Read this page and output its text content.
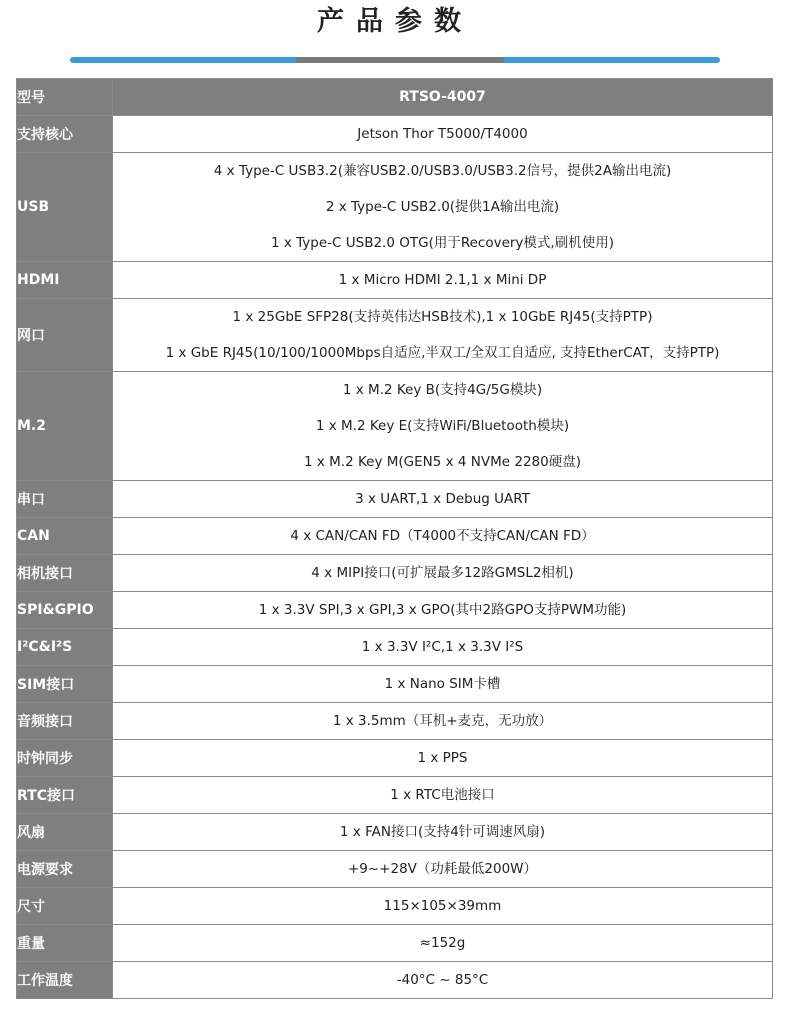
产品参数
型号	RTSO-4007

支持核心	Jetson Thor T5000/T4000

USB	4 x Type-C USB3.2(兼容USB2.0/USB3.0/USB3.2信号，提供2A输出电流)
2 x Type-C USB2.0(提供1A输出电流)
1 x Type-C USB2.0 OTG(用于Recovery模式,刷机使用)

HDMI	1 x Micro HDMI 2.1,1 x Mini DP

网口	1 x 25GbE SFP28(支持英伟达HSB技术),1 x 10GbE RJ45(支持PTP)
1 x GbE RJ45(10/100/1000Mbps自适应,半双工/全双工自适应, 支持EtherCAT，支持PTP)

M.2	1 x M.2 Key B(支持4G/5G模块)
1 x M.2 Key E(支持WiFi/Bluetooth模块)
1 x M.2 Key M(GEN5 x 4 NVMe 2280硬盘)

串口	3 x UART,1 x Debug UART

CAN	4 x CAN/CAN FD（T4000不支持CAN/CAN FD）

相机接口	4 x MIPI接口(可扩展最多12路GMSL2相机)

SPI&GPIO	1 x 3.3V SPI,3 x GPI,3 x GPO(其中2路GPO支持PWM功能)

I²C&I²S	1 x 3.3V I²C,1 x 3.3V I²S

SIM接口	1 x Nano SIM卡槽

音频接口	1 x 3.5mm（耳机+麦克，无功放）

时钟同步	1 x PPS

RTC接口	1 x RTC电池接口

风扇	1 x FAN接口(支持4针可调速风扇)

电源要求	+9~+28V（功耗最低200W）

尺寸	115×105×39mm

重量	≈152g

工作温度	-40°C ~ 85°C
